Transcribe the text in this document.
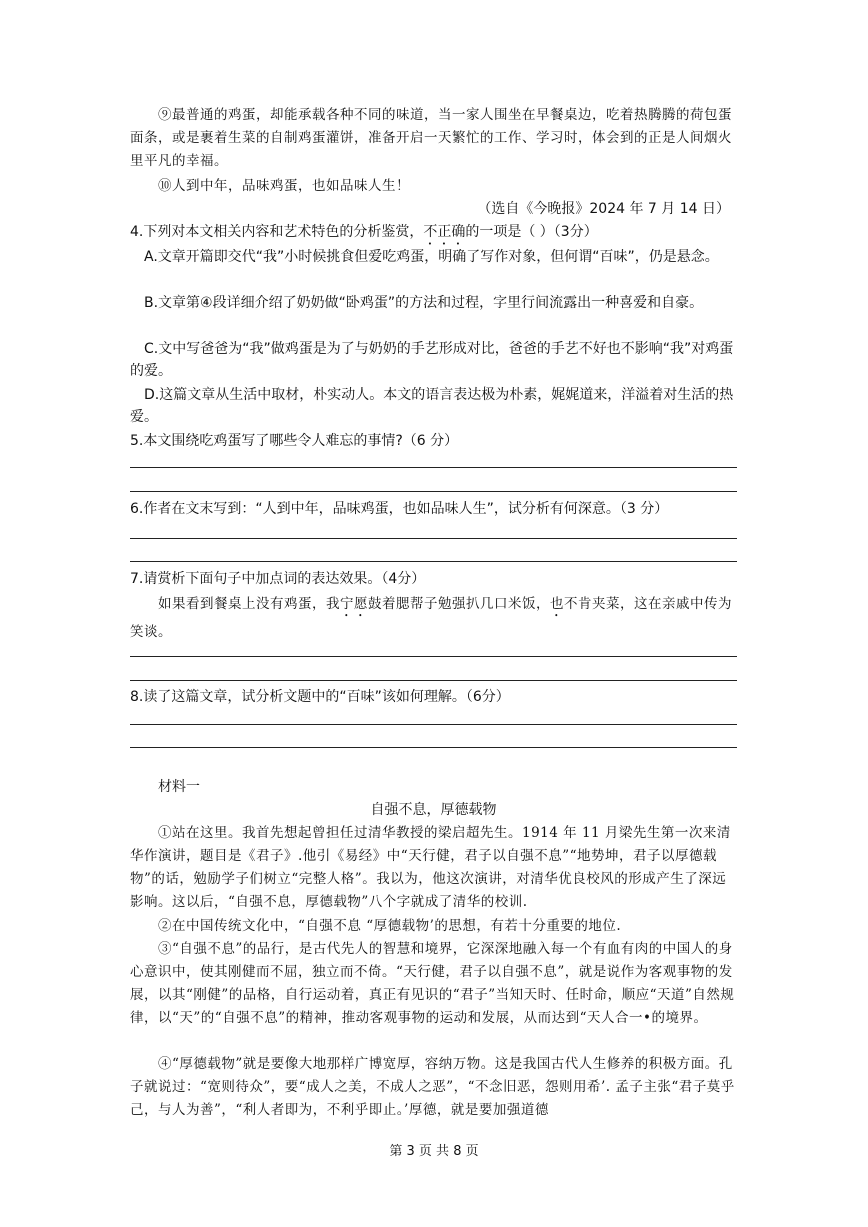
⑨最普通的鸡蛋，却能承载各种不同的味道，当一家人围坐在早餐桌边，吃着热腾腾的荷包蛋面条，或是裹着生菜的自制鸡蛋灌饼，准备开启一天繁忙的工作、学习时，体会到的正是人间烟火里平凡的幸福。

⑩人到中年，品味鸡蛋，也如品味人生！

（选自《今晚报》2024 年 7 月 14 日）

4.下列对本文相关内容和艺术特色的分析鉴赏，不正确的一项是（ ）（3分）

A.文章开篇即交代“我”小时候挑食但爱吃鸡蛋，明确了写作对象，但何谓“百味”，仍是悬念。

B.文章第④段详细介绍了奶奶做“卧鸡蛋”的方法和过程，字里行间流露出一种喜爱和自豪。

C.文中写爸爸为“我”做鸡蛋是为了与奶奶的手艺形成对比，爸爸的手艺不好也不影响“我”对鸡蛋的爱。

D.这篇文章从生活中取材，朴实动人。本文的语言表达极为朴素，娓娓道来，洋溢着对生活的热爱。

5.本文围绕吃鸡蛋写了哪些令人难忘的事情?（6 分）

6.作者在文末写到：“人到中年，品味鸡蛋，也如品味人生”，试分析有何深意。（3 分）

7.请赏析下面句子中加点词的表达效果。（4分）

如果看到餐桌上没有鸡蛋，我宁愿鼓着腮帮子勉强扒几口米饭，也不肯夹菜，这在亲戚中传为笑谈。

8.读了这篇文章，试分析文题中的“百味”该如何理解。（6分）

材料一

自强不息，厚德载物

①站在这里。我首先想起曾担任过清华教授的梁启超先生。1914 年 11 月梁先生第一次来清华作演讲，题目是《君子》.他引《易经》中“天行健，君子以自强不息”“地势坤，君子以厚德载物”的话，勉励学子们树立“完整人格”。我以为，他这次演讲，对清华优良校风的形成产生了深远影响。这以后，“自强不息，厚德载物”八个字就成了清华的校训.

②在中国传统文化中，“自强不息 “厚德载物’的思想，有若十分重要的地位.

③“自强不息”的品行，是古代先人的智慧和境界，它深深地融入每一个有血有肉的中国人的身心意识中，使其刚健而不屈，独立而不倚。“天行健，君子以自强不息”，就是说作为客观事物的发展，以其“刚健”的品格，自行运动着，真正有见识的“君子”当知天时、任时命，顺应“天道”自然规律，以“天”的“自强不息”的精神，推动客观事物的运动和发展，从而达到“天人合一•的境界。

④“厚德载物”就是要像大地那样广博宽厚，容纳万物。这是我国古代人生修养的积极方面。孔子就说过：“宽则待众”，要“成人之美，不成人之恶”，“不念旧恶，怨则用希’. 孟子主张“君子莫乎己，与人为善”，“利人者即为，不利乎即止。’厚德，就是要加强道德

第 3 页 共 8 页
